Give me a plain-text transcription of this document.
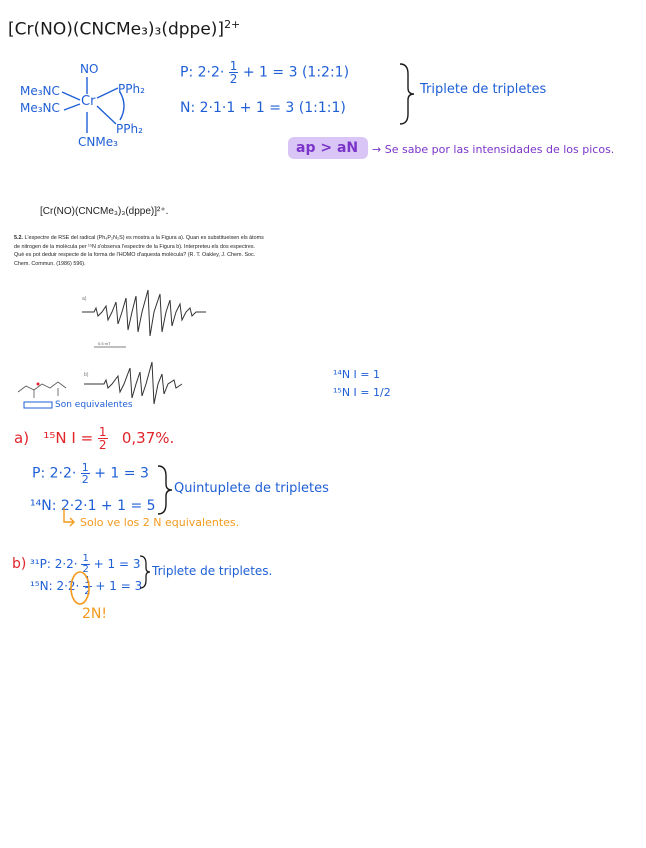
[Cr(NO)(CNCMe₃)₃(dppe)]$^{2+}$
NO
Me₃NC
Me₃NC Cr
PPh₂
PPh₂
CNMe₃
P: $2\cdot 2\cdot \frac{1}{2} + 1 = 3$ (1:2:1)
N: 2·1·1 + 1 = 3 (1:1:1)
Triplete de tripletes
ap > aN → Se sabe por las intensidades de los picos.
[Cr(NO)(CNCMe₃)₃(dppe)]²⁺.
5.2. L'espectre de RSE del radical (Ph₄P₂N₂S) es mostra a la Figura a). Quan es substitueixen els àtoms
de nitrogen de la molècula per ¹⁵N s'observa l'espectre de la Figura b). Interpreteu els dos espectres.
Què es pot deduir respecte de la forma de l'HOMO d'aquesta molècula? (R. T. Oakley, J. Chem. Soc.
Chem. Commun. (1986) 596).
a)
0.5 mT
b)
Son equivalentes
¹⁴N I = 1
¹⁵N I = 1/2
a) ¹⁵N $I = \frac{1}{2} 0,37\%$.
P: $2\cdot 2\cdot \frac{1}{2} + 1 = 3$
¹⁴N: 2·2·1 + 1 = 5
Quintuplete de tripletes
Solo ve los 2 N equivalentes.
b) ³¹P: $2\cdot 2\cdot \frac{1}{2} + 1 = 3$
¹⁵N: $2\cdot 2\cdot \frac{1}{2} + 1 = 3$
Triplete de tripletes.
2N!
